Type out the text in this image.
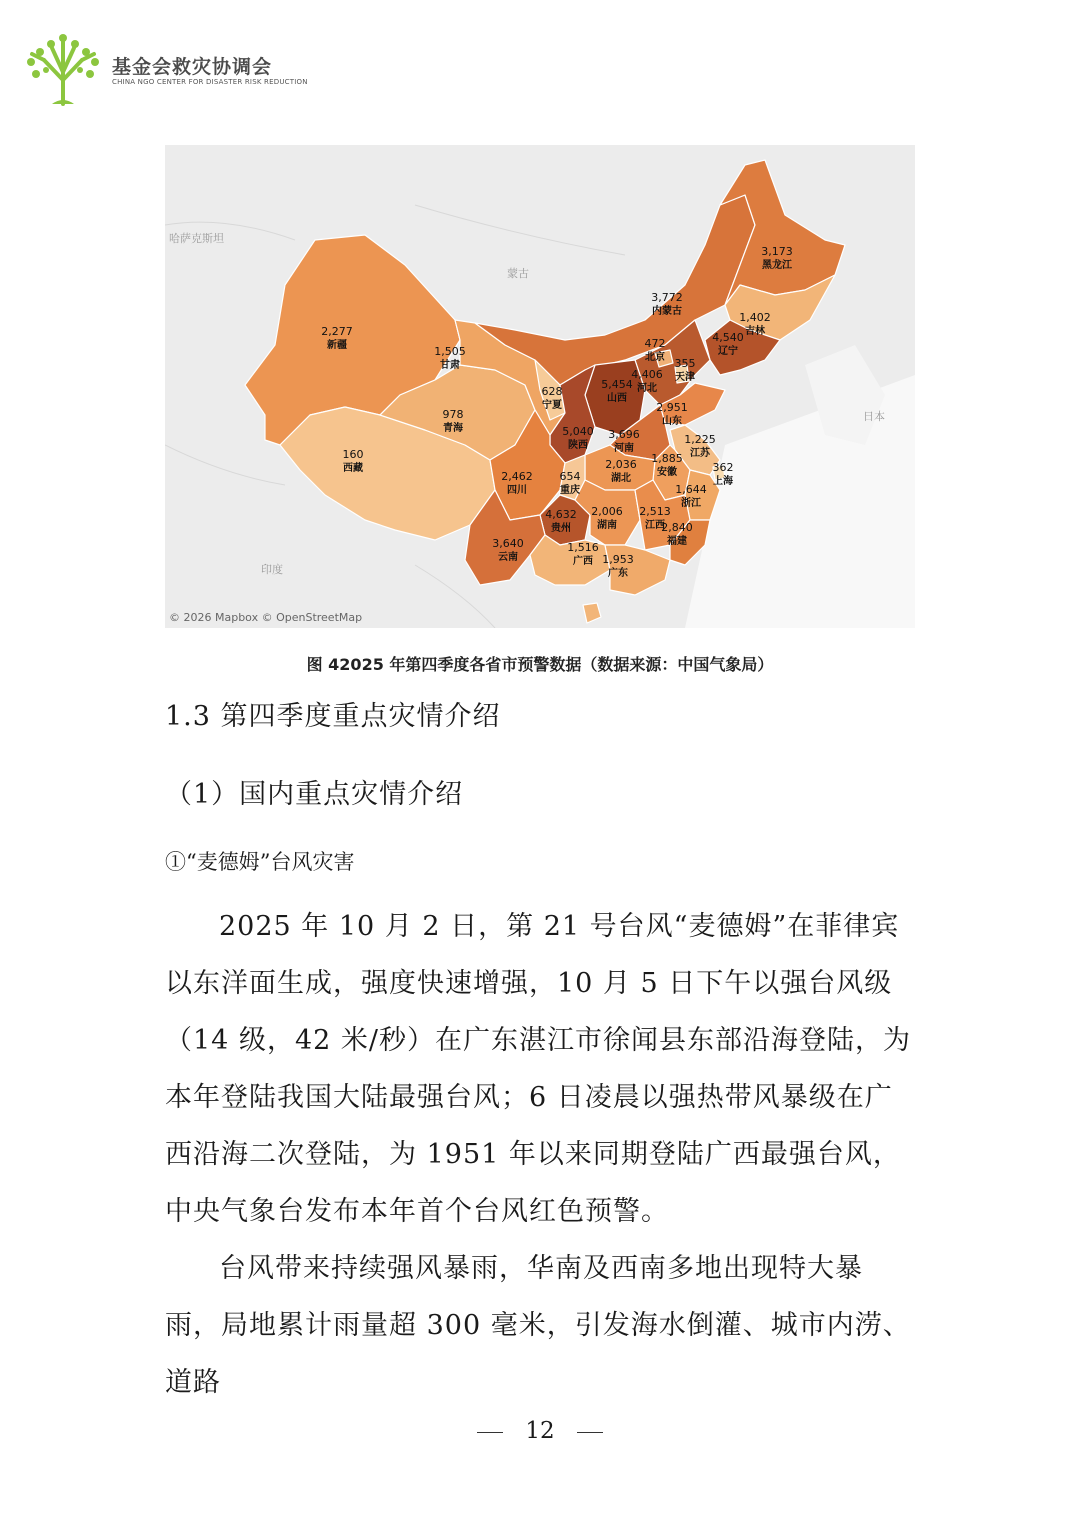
基金会救灾协调会
CHINA NGO CENTER FOR DISASTER RISK REDUCTION
哈萨克斯坦
蒙古
日本
印度
2,277
新疆
160
西藏
978
青海
1,505
甘肃
3,772
内蒙古
3,173
黑龙江
1,402
吉林
4,540
辽宁
472
北京 355
天津
4,406
河北
5,454
山西
628
宁夏
5,040
陕西
2,951
山东
3,696
河南
1,225
江苏
1,885
安徽	362
上海
2,036
湖北
2,462
四川
654
重庆	1,644
浙江
4,632
贵州
2,006
湖南
2,513
江西
2,840
福建
3,640
云南
1,516
广西 1,953
广东
© 2026 Mapbox © OpenStreetMap
图 42025 年第四季度各省市预警数据（数据来源：中国气象局）
1.3 第四季度重点灾情介绍
（1）国内重点灾情介绍
①“麦德姆”台风灾害

2025 年 10 月 2 日，第 21 号台风“麦德姆”在菲律宾以东洋面生成，强度快速增强，10 月 5 日下午以强台风级（14 级，42 米/秒）在广东湛江市徐闻县东部沿海登陆，为本年登陆我国大陆最强台风；6 日凌晨以强热带风暴级在广西沿海二次登陆，为 1951 年以来同期登陆广西最强台风，中央气象台发布本年首个台风红色预警。

台风带来持续强风暴雨，华南及西南多地出现特大暴雨，局地累计雨量超 300 毫米，引发海水倒灌、城市内涝、道路

12
